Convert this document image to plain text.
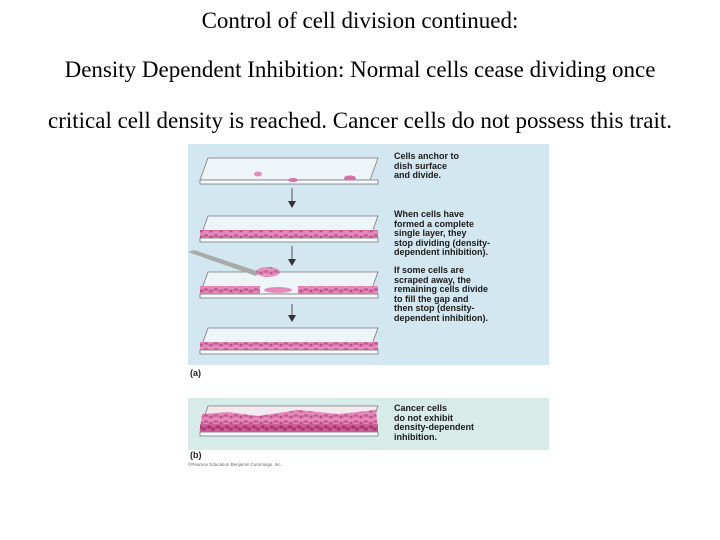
Control of cell division continued:
Density Dependent Inhibition: Normal cells cease dividing once
critical cell density is reached. Cancer cells do not possess this trait.
Cells anchor to
dish surface
and divide.
When cells have
formed a complete
single layer, they
stop dividing (density-
dependent inhibition).
If some cells are
scraped away, the
remaining cells divide
to fill the gap and
then stop (density-
dependent inhibition).
(a)
Cancer cells
do not exhibit
density-dependent
inhibition.
(b)
©Pearson Education Benjamin Cummings. Inc.
